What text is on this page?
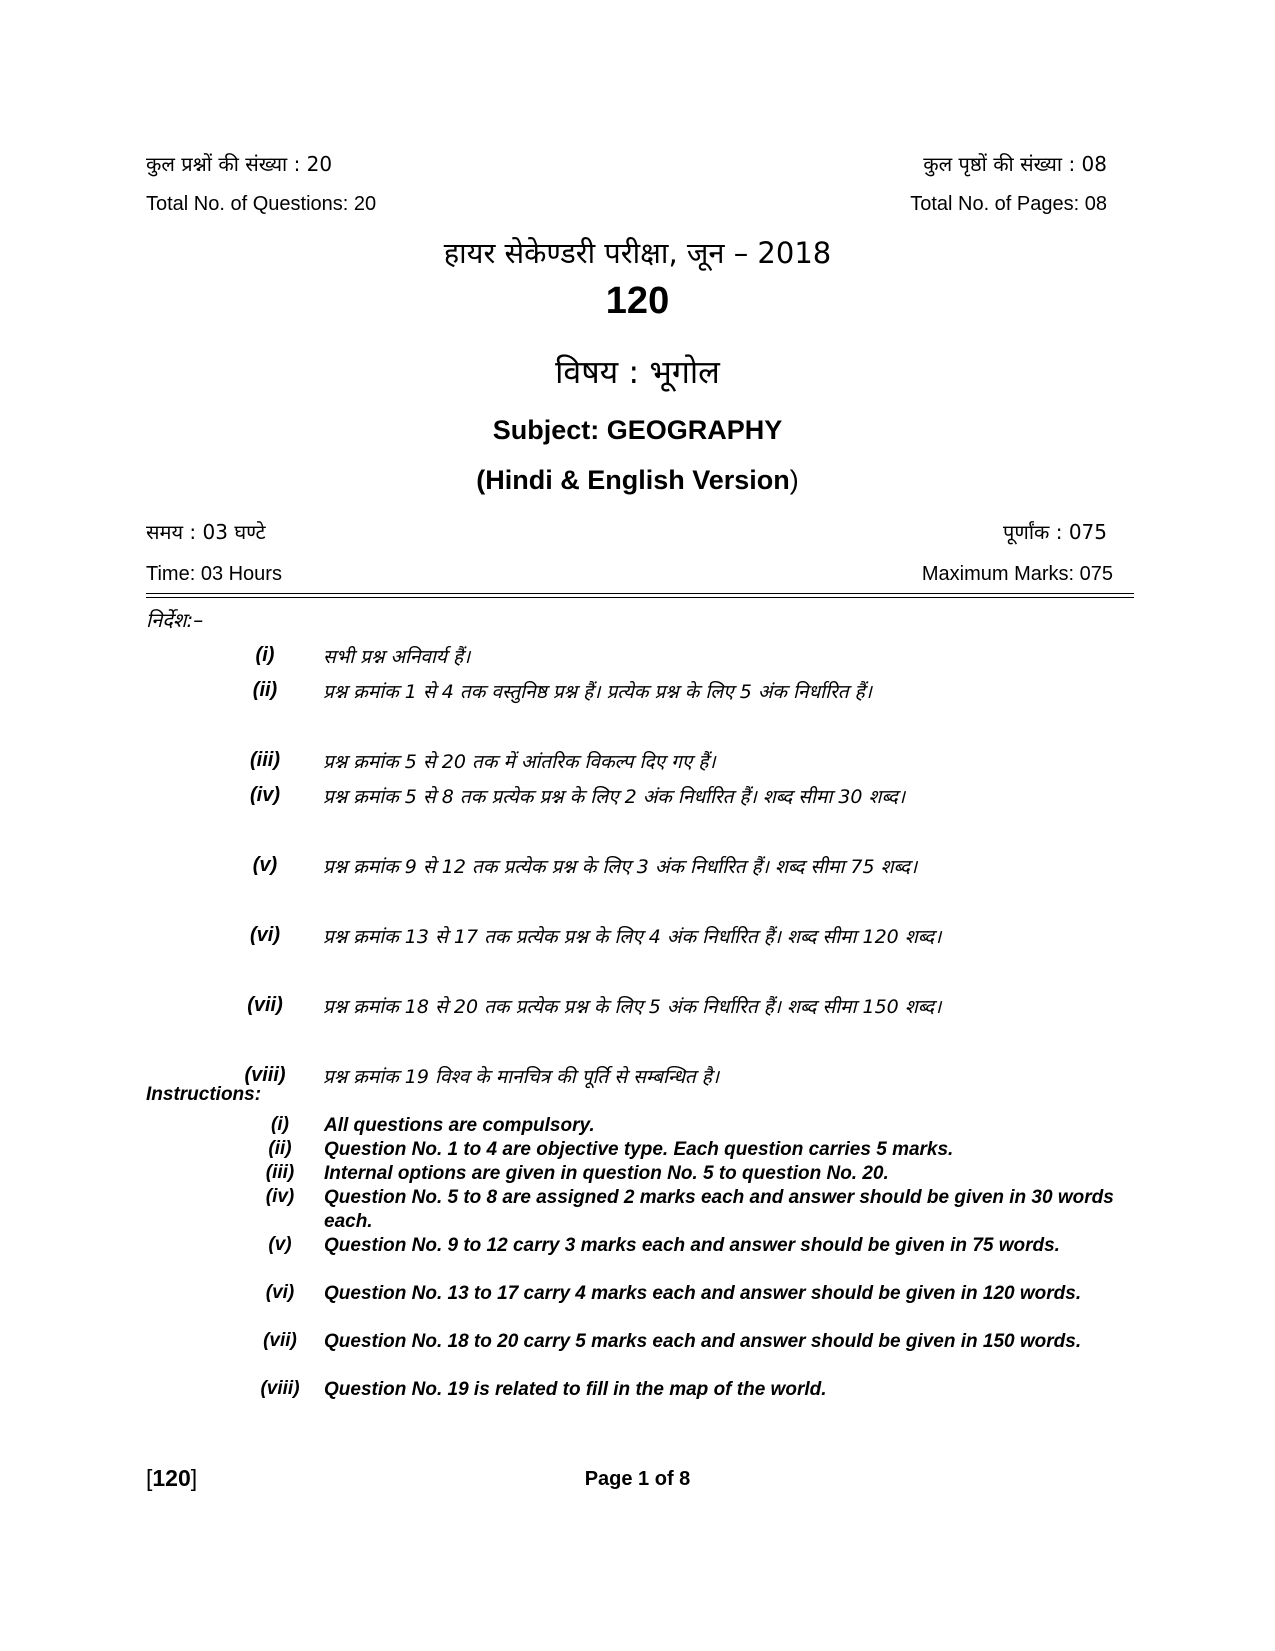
कुल प्रश्नों की संख्या : 20	कुल पृष्ठों की संख्या : 08
Total No. of Questions: 20	Total No. of Pages: 08
हायर सेकेण्डरी परीक्षा, जून – 2018
120
विषय : भूगोल
Subject: GEOGRAPHY
(Hindi & English Version)
समय : 03 घण्टे	पूर्णांक : 075
Time: 03 Hours	Maximum Marks: 075
निर्देश:–
(i)	सभी प्रश्न अनिवार्य हैं।
(ii)	प्रश्न क्रमांक 1 से 4 तक वस्तुनिष्ठ प्रश्न हैं। प्रत्येक प्रश्न के लिए 5 अंक निर्धारित हैं।
(iii)	प्रश्न क्रमांक 5 से 20 तक में आंतरिक विकल्प दिए गए हैं।
(iv)	प्रश्न क्रमांक 5 से 8 तक प्रत्येक प्रश्न के लिए 2 अंक निर्धारित हैं। शब्द सीमा 30 शब्द।
(v)	प्रश्न क्रमांक 9 से 12 तक प्रत्येक प्रश्न के लिए 3 अंक निर्धारित हैं। शब्द सीमा 75 शब्द।
(vi)	प्रश्न क्रमांक 13 से 17 तक प्रत्येक प्रश्न के लिए 4 अंक निर्धारित हैं। शब्द सीमा 120 शब्द।
(vii)	प्रश्न क्रमांक 18 से 20 तक प्रत्येक प्रश्न के लिए 5 अंक निर्धारित हैं। शब्द सीमा 150 शब्द।
(viii) प्रश्न क्रमांक 19 विश्व के मानचित्र की पूर्ति से सम्बन्धित है।
Instructions:
(i)	All questions are compulsory.
(ii)	Question No. 1 to 4 are objective type. Each question carries 5 marks.
(iii)	Internal options are given in question No. 5 to question No. 20.
(iv)	Question No. 5 to 8 are assigned 2 marks each and answer should be given in 30 words each.
(v)	Question No. 9 to 12 carry 3 marks each and answer should be given in 75 words.
(vi)	Question No. 13 to 17 carry 4 marks each and answer should be given in 120 words.
(vii)	Question No. 18 to 20 carry 5 marks each and answer should be given in 150 words.
(viii)	Question No. 19 is related to fill in the map of the world.
[120]	Page 1 of 8
